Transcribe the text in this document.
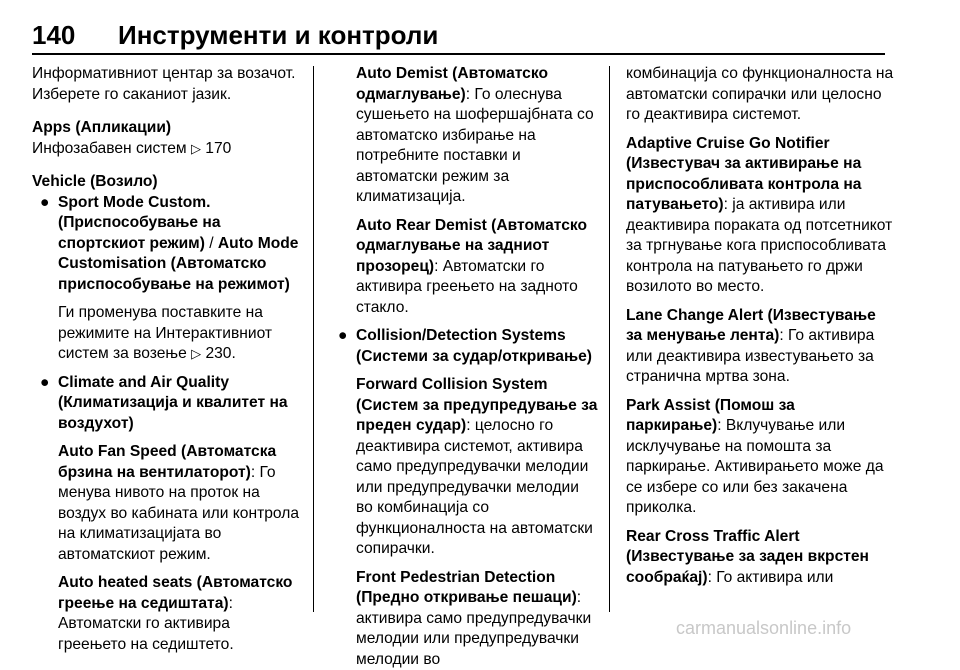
140 Инструменти и контроли

Информативниот центар за возачот. Изберете го саканиот јазик.

Apps (Апликации)

Инфозабавен систем ▷ 170

Vehicle (Возило)

● Sport Mode Custom. (Приспособување на спортскиот режим) / Auto Mode Customisation (Автоматско приспособување на режимот)

Ги променува поставките на режимите на Интерактивниот систем за возење ▷ 230.

● Climate and Air Quality (Климатизација и квалитет на воздухот)

Auto Fan Speed (Автоматска брзина на вентилаторот): Го менува нивото на проток на воздух во кабината или контрола на климатизацијата во автоматскиот режим.

Auto heated seats (Автоматско греење на седиштата): Автоматски го активира греењето на седиштето.

Auto Demist (Автоматско одмаглување): Го олеснува сушењето на шофершајбната со автоматско избирање на потребните поставки и автоматски режим за климатизација.

Auto Rear Demist (Автоматско одмаглување на задниот прозорец): Автоматски го активира греењето на задното стакло.

● Collision/Detection Systems (Системи за судар/откривање)

Forward Collision System (Систем за предупредување за преден судар): целосно го деактивира системот, активира само предупредувачки мелодии или предупредувачки мелодии во комбинација со функционалноста на автоматски сопирачки.

Front Pedestrian Detection (Предно откривање пешаци): активира само предупредувачки мелодии или предупредувачки мелодии во

комбинација со функционалноста на автоматски сопирачки или целосно го деактивира системот.

Adaptive Cruise Go Notifier (Известувач за активирање на приспособливата контрола на патувањето): ја активира или деактивира пораката од потсетникот за тргнување кога приспособливата контрола на патувањето го држи возилото во место.

Lane Change Alert (Известување за менување лента): Го активира или деактивира известувањето за странична мртва зона.

Park Assist (Помош за паркирање): Вклучување или исклучување на помошта за паркирање. Активирањето може да се избере со или без закачена приколка.

Rear Cross Traffic Alert (Известување за заден вкрстен сообраќај): Го активира или

carmanualsonline.info
